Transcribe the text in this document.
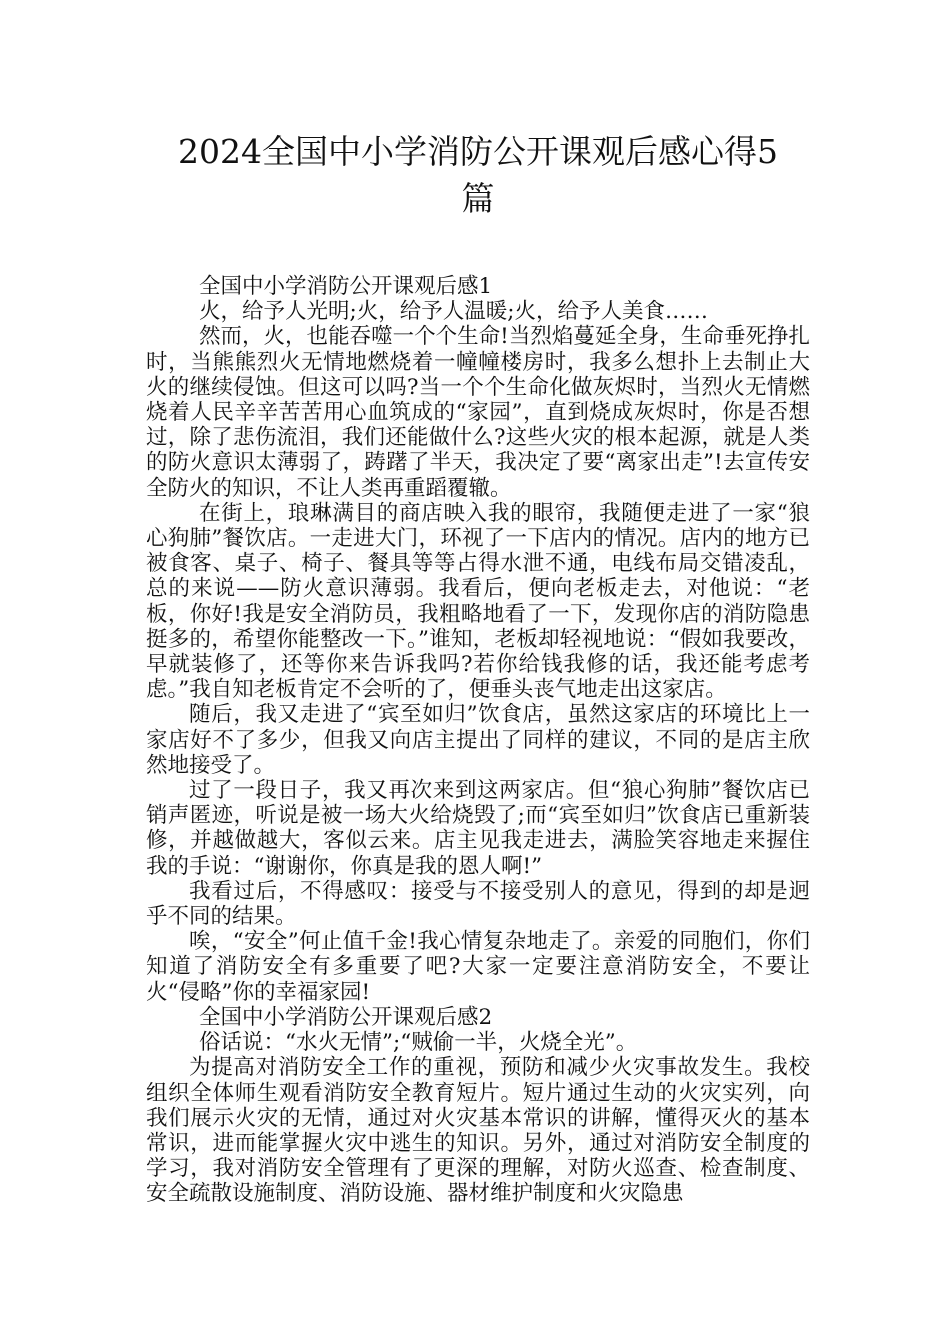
2024全国中小学消防公开课观后感心得5
篇

全国中小学消防公开课观后感1

火，给予人光明;火，给予人温暖;火，给予人美食……

然而，火，也能吞噬一个个生命!当烈焰蔓延全身，生命垂死挣扎时，当熊熊烈火无情地燃烧着一幢幢楼房时，我多么想扑上去制止大火的继续侵蚀。但这可以吗?当一个个生命化做灰烬时，当烈火无情燃烧着人民辛辛苦苦用心血筑成的“家园”，直到烧成灰烬时，你是否想过，除了悲伤流泪，我们还能做什么?这些火灾的根本起源，就是人类的防火意识太薄弱了，踌躇了半天，我决定了要“离家出走”!去宣传安全防火的知识，不让人类再重蹈覆辙。

在街上，琅琳满目的商店映入我的眼帘，我随便走进了一家“狼心狗肺”餐饮店。一走进大门，环视了一下店内的情况。店内的地方已被食客、桌子、椅子、餐具等等占得水泄不通，电线布局交错凌乱，总的来说——防火意识薄弱。我看后，便向老板走去，对他说：“老板，你好!我是安全消防员，我粗略地看了一下，发现你店的消防隐患挺多的，希望你能整改一下。”谁知，老板却轻视地说：“假如我要改，早就装修了，还等你来告诉我吗?若你给钱我修的话，我还能考虑考虑。”我自知老板肯定不会听的了，便垂头丧气地走出这家店。

随后，我又走进了“宾至如归”饮食店，虽然这家店的环境比上一家店好不了多少，但我又向店主提出了同样的建议，不同的是店主欣然地接受了。

过了一段日子，我又再次来到这两家店。但“狼心狗肺”餐饮店已销声匿迹，听说是被一场大火给烧毁了;而“宾至如归”饮食店已重新装修，并越做越大，客似云来。店主见我走进去，满脸笑容地走来握住我的手说：“谢谢你，你真是我的恩人啊!”

我看过后，不得感叹：接受与不接受别人的意见，得到的却是迥乎不同的结果。

唉，“安全”何止值千金!我心情复杂地走了。亲爱的同胞们，你们知道了消防安全有多重要了吧?大家一定要注意消防安全，不要让火“侵略”你的幸福家园!

全国中小学消防公开课观后感2

俗话说：“水火无情”;“贼偷一半，火烧全光”。

为提高对消防安全工作的重视，预防和减少火灾事故发生。我校组织全体师生观看消防安全教育短片。短片通过生动的火灾实列，向我们展示火灾的无情，通过对火灾基本常识的讲解，懂得灭火的基本常识，进而能掌握火灾中逃生的知识。另外，通过对消防安全制度的学习，我对消防安全管理有了更深的理解，对防火巡查、检查制度、安全疏散设施制度、消防设施、器材维护制度和火灾隐患
